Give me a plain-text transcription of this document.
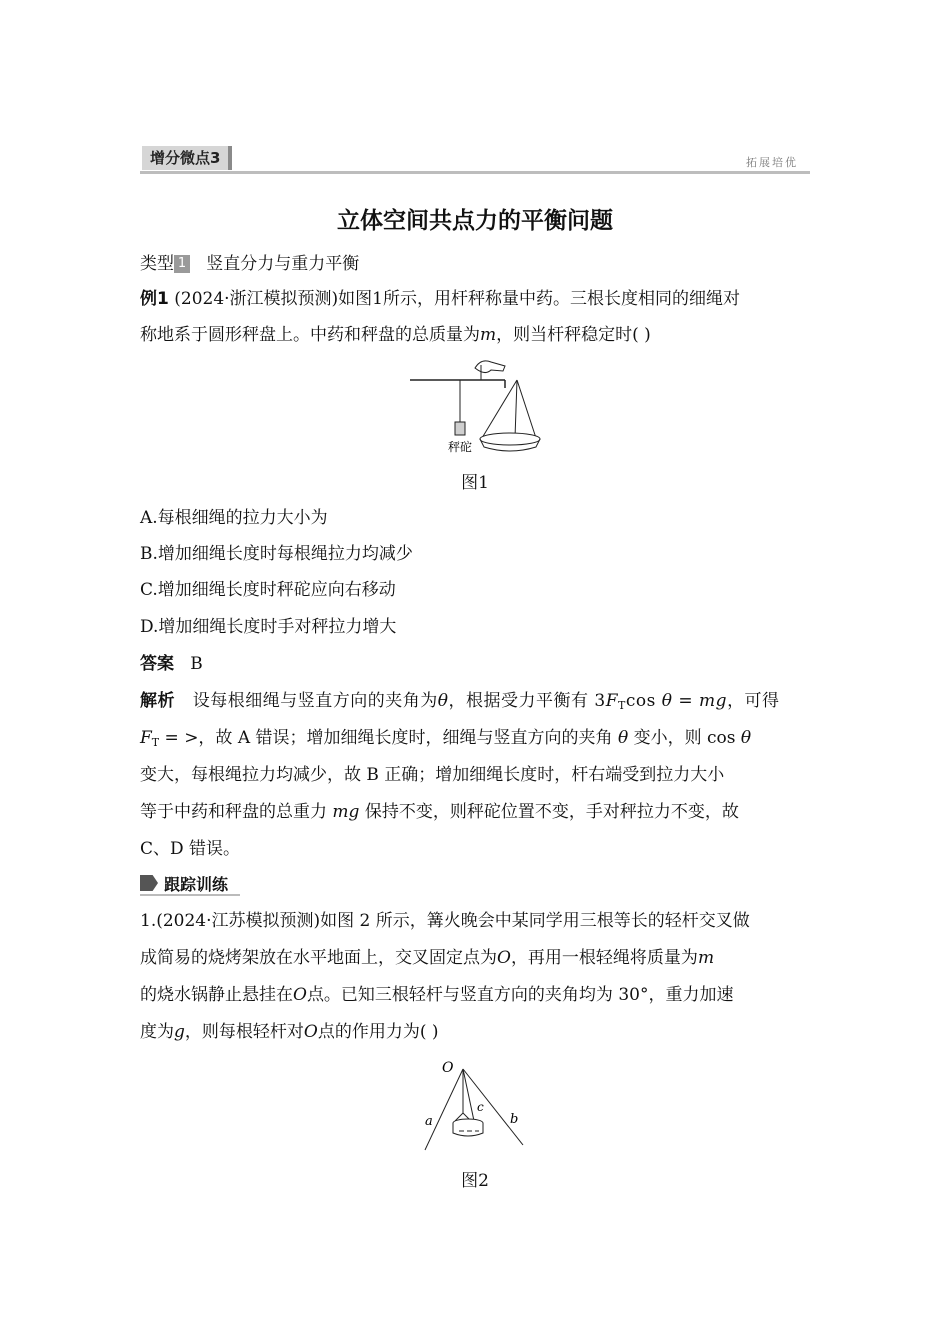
增分微点3	拓展培优
立体空间共点力的平衡问题

类型 1 竖直分力与重力平衡

例1 (2024·浙江模拟预测)如图1所示，用杆秤称量中药。三根长度相同的细绳对

称地系于圆形秤盘上。中药和秤盘的总质量为m，则当杆秤稳定时( )

秤砣
图1

A.每根细绳的拉力大小为

B.增加细绳长度时每根绳拉力均减少

C.增加细绳长度时秤砣应向右移动

D.增加细绳长度时手对秤拉力增大

答案 B

解析 设每根细绳与竖直方向的夹角为θ，根据受力平衡有 $3F_T\cos$ θ = mg，可得

$F_T$ = >，故 A 错误；增加细绳长度时，细绳与竖直方向的夹角 θ 变小，则 cos θ

变大，每根绳拉力均减少，故 B 正确；增加细绳长度时，杆右端受到拉力大小

等于中药和秤盘的总重力 mg 保持不变，则秤砣位置不变，手对秤拉力不变，故

C、D 错误。

跟踪训练

1.(2024·江苏模拟预测)如图 2 所示，篝火晚会中某同学用三根等长的轻杆交叉做

成简易的烧烤架放在水平地面上，交叉固定点为O，再用一根轻绳将质量为m

的烧水锅静止悬挂在O点。已知三根轻杆与竖直方向的夹角均为 30°，重力加速

度为g，则每根轻杆对O点的作用力为( )

O
a	b
c
图2
